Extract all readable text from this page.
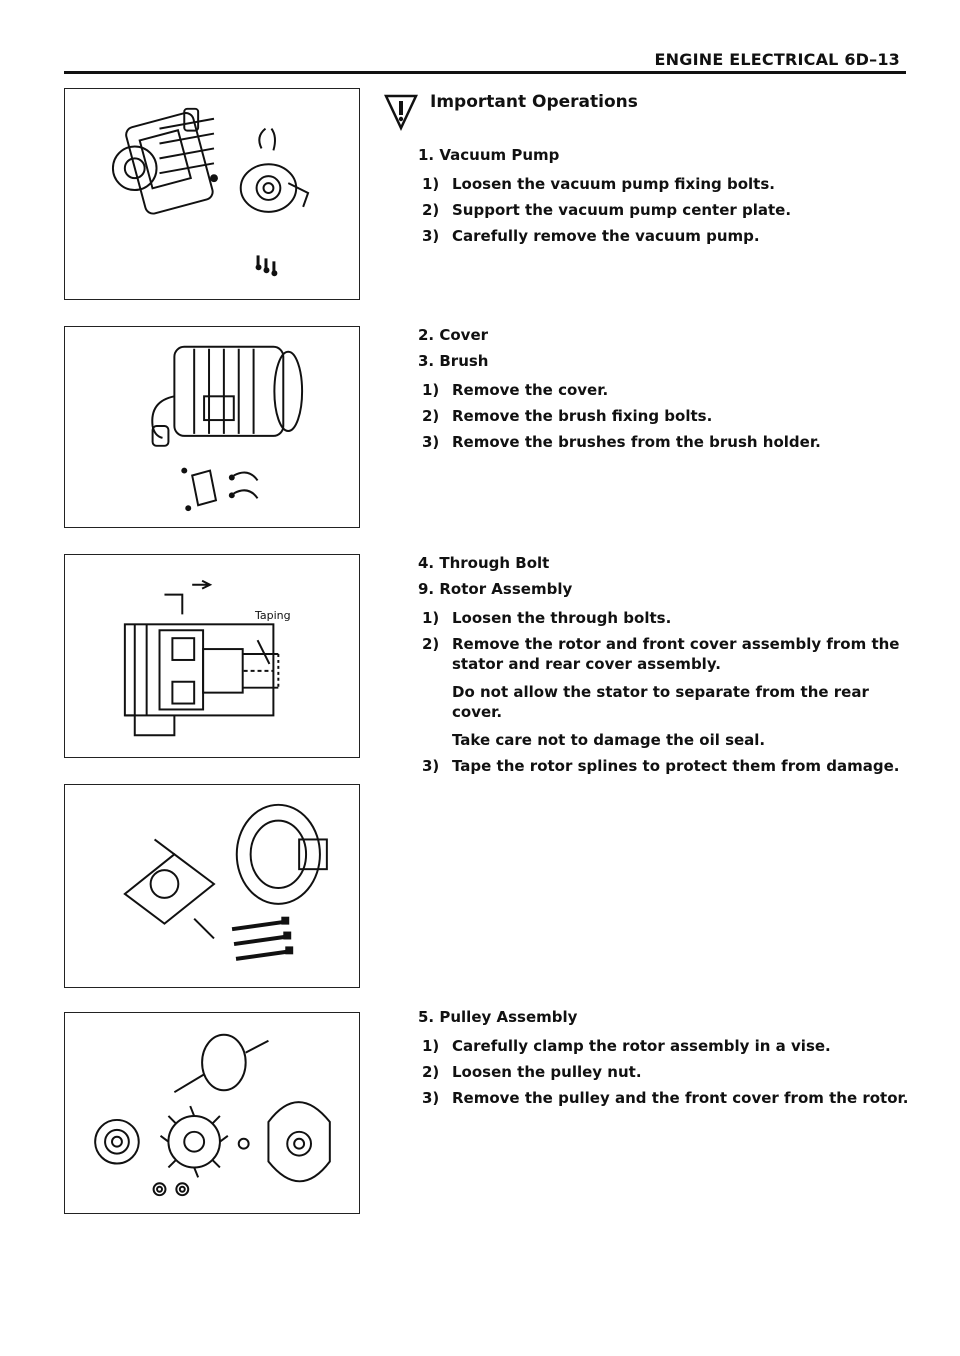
ENGINE ELECTRICAL 6D–13
Taping
Important Operations
1. Vacuum Pump
1) Loosen the vacuum pump fixing bolts.
2) Support the vacuum pump center plate.
3) Carefully remove the vacuum pump.
2. Cover
3. Brush
1) Remove the cover.
2) Remove the brush fixing bolts.
3) Remove the brushes from the brush holder.
4. Through Bolt
9. Rotor Assembly
1) Loosen the through bolts.
2) Remove the rotor and front cover assembly from the stator and rear cover assembly.
Do not allow the stator to separate from the rear cover.
Take care not to damage the oil seal.
3) Tape the rotor splines to protect them from damage.
5. Pulley Assembly
1) Carefully clamp the rotor assembly in a vise.
2) Loosen the pulley nut.
3) Remove the pulley and the front cover from the rotor.
